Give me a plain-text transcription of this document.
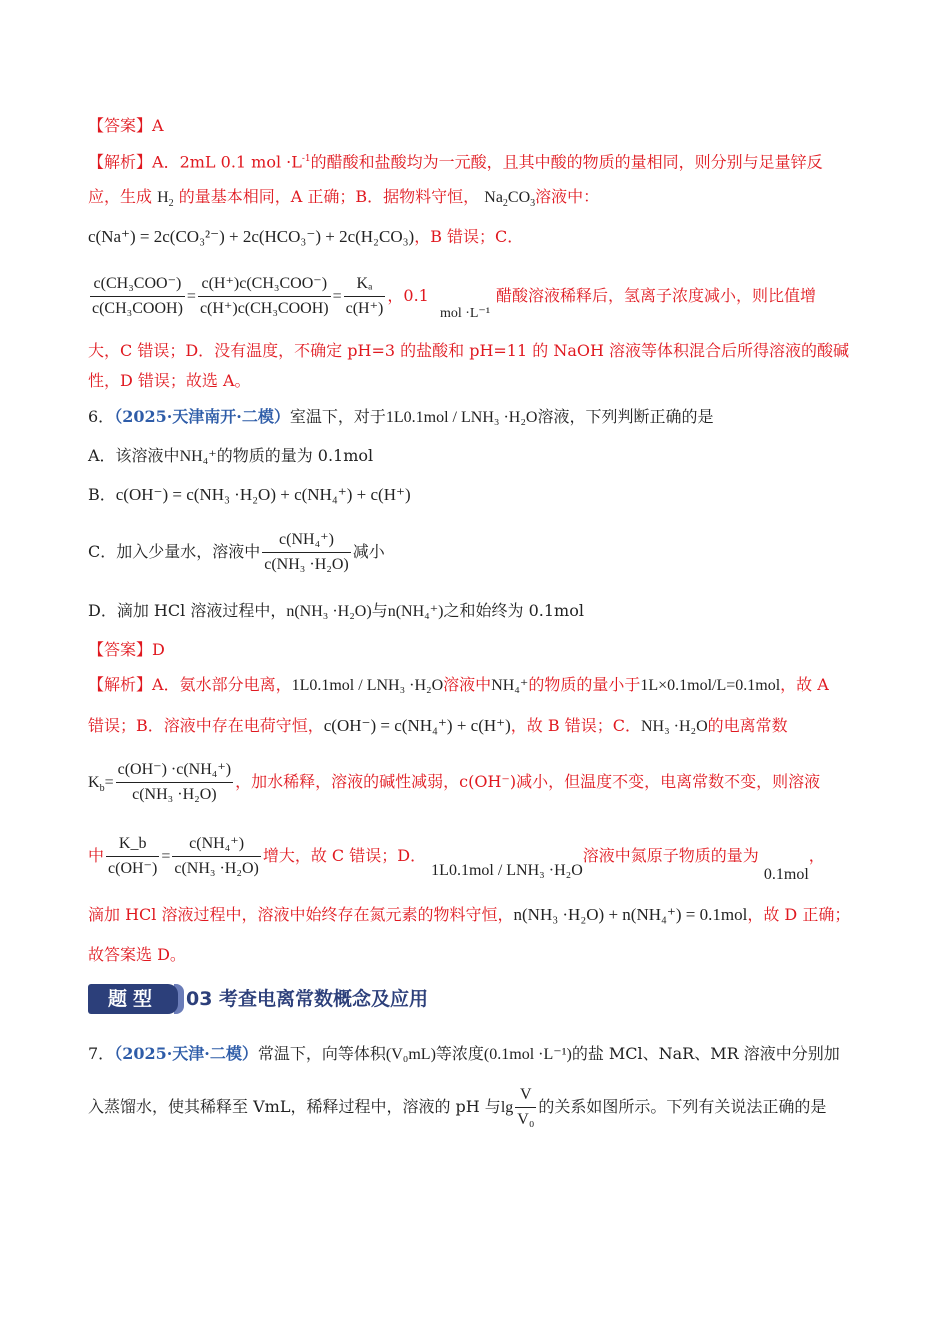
【答案】A
【解析】A．2mL 0.1 mol $\cdot L^{-1}$的醋酸和盐酸均为一元酸，且其中酸的物质的量相同，则分别与足量锌反
应，生成 $H_2$ 的量基本相同，A 正确；B．据物料守恒， $Na_2CO_3$溶液中：
c(Na⁺) = 2c(CO₃²⁻) + 2c(HCO₃⁻) + 2c(H₂CO₃)，B 错误；C．
$\frac{\text{c(CH₃COO⁻)}}{\text{c(CH₃COOH)}} = \frac{\text{c(H⁺)c(CH₃COO⁻)}}{\text{c(H⁺)c(CH₃COOH)}} = \frac{\text{Kₐ}}{c(H^+)}$ ，0.1 mol ·L⁻¹醋酸溶液稀释后，氢离子浓度减小，则比值增
大，C 错误；D．没有温度，不确定 pH=3 的盐酸和 pH=11 的 NaOH 溶液等体积混合后所得溶液的酸碱
性，D 错误；故选 A。
6．（2025·天津南开·二模）室温下，对于1L0.1mol / LNH₃ ·H₂O溶液，下列判断正确的是
A．该溶液中NH₄⁺的物质的量为 0.1mol
B．c(OH⁻) = c(NH₃ ·H₂O) + c(NH₄⁺) + c(H⁺)
C．加入少量水，溶液中 $\frac{\text{c(NH₄⁺)}}{\text{c(NH₃ ·H₂O)}}$ 减小
D．滴加 HCl 溶液过程中，n(NH₃ ·H₂O)与n(NH₄⁺)之和始终为 0.1mol
【答案】D
【解析】A．氨水部分电离，1L0.1mol / LNH₃ ·H₂O溶液中NH₄⁺的物质的量小于1L×0.1mol/L=0.1mol，故 A
错误；B．溶液中存在电荷守恒，c(OH⁻) = c(NH₄⁺) + c(H⁺)，故 B 错误；C．NH₃ ·H₂O的电离常数
$K_b= \frac{\text{c(OH⁻) ·c(NH₄⁺)}}{\text{c(NH₃ ·H₂O)}}$ ，加水稀释，溶液的碱性减弱，c(OH⁻)减小，但温度不变，电离常数不变，则溶液
中 $\frac{K\_b}{c(OH^-)} = \frac{\text{c(NH₄⁺)}}{\text{c(NH₃ ·H₂O)}}$ 增大，故 C 错误；D． 1L0.1mol / LNH₃ ·H₂O溶液中氮原子物质的量为 0.1mol，
滴加 HCl 溶液过程中，溶液中始终存在氮元素的物料守恒，n(NH₃ ·H₂O) + n(NH₄⁺) = 0.1mol，故 D 正确；
故答案选 D。
题型	03 考查电离常数概念及应用
7．（2025·天津·二模）常温下，向等体积(V₀mL)等浓度(0.1mol ·L⁻¹)的盐 MCl、NaR、MR 溶液中分别加
入蒸馏水，使其稀释至 VmL，稀释过程中，溶液的 pH 与$\lg \frac{V}{\text{V₀}}$ 的关系如图所示。下列有关说法正确的是
